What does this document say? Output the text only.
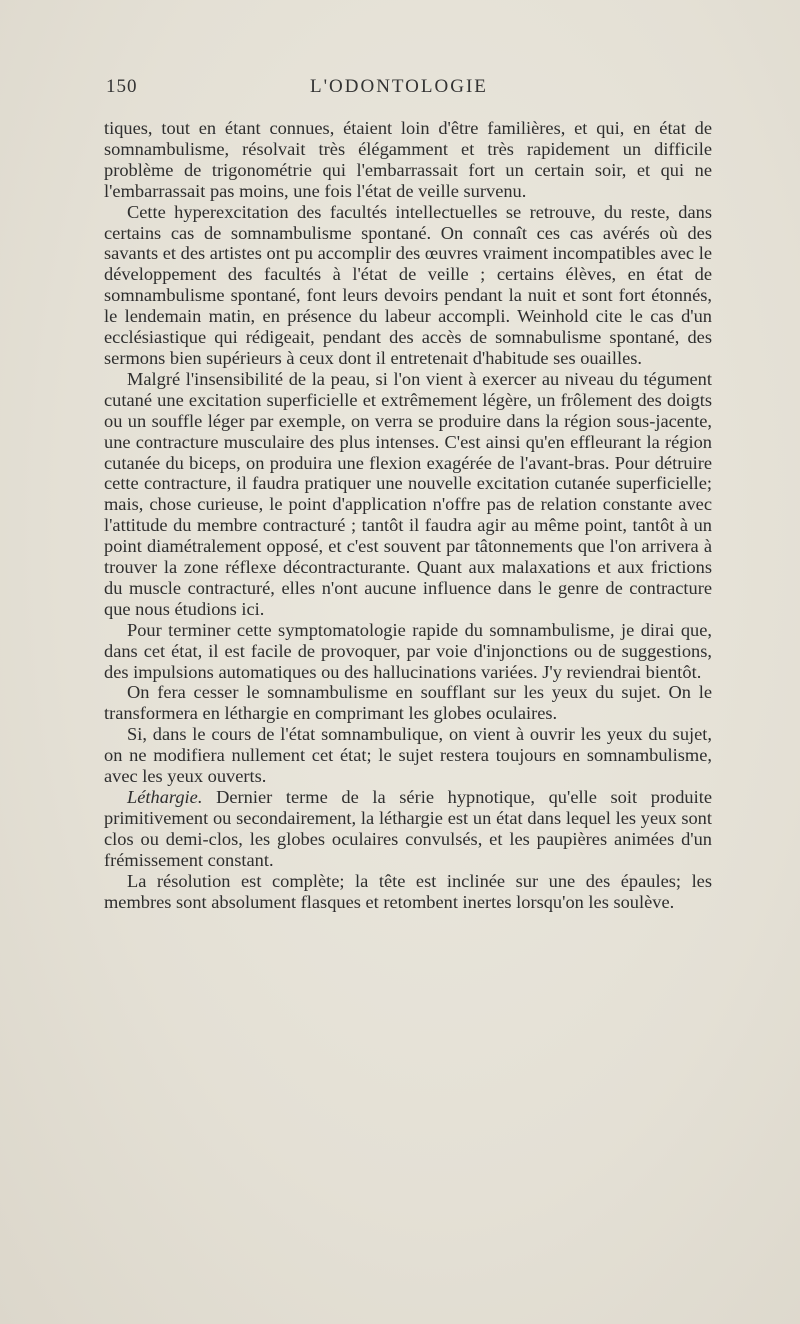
150	L'ODONTOLOGIE

tiques, tout en étant connues, étaient loin d'être familières, et qui, en état de somnambulisme, résolvait très élégamment et très rapidement un difficile problème de trigonométrie qui l'embarrassait fort un certain soir, et qui ne l'embarrassait pas moins, une fois l'état de veille survenu.

Cette hyperexcitation des facultés intellectuelles se retrouve, du reste, dans certains cas de somnambulisme spontané. On connaît ces cas avérés où des savants et des artistes ont pu accomplir des œuvres vraiment incompatibles avec le développement des facultés à l'état de veille ; certains élèves, en état de somnambulisme spontané, font leurs devoirs pendant la nuit et sont fort étonnés, le lendemain matin, en présence du labeur accompli. Weinhold cite le cas d'un ecclésiastique qui rédigeait, pendant des accès de somnabulisme spontané, des sermons bien supérieurs à ceux dont il entretenait d'habitude ses ouailles.

Malgré l'insensibilité de la peau, si l'on vient à exercer au niveau du tégument cutané une excitation superficielle et extrêmement légère, un frôlement des doigts ou un souffle léger par exemple, on verra se produire dans la région sous-jacente, une contracture musculaire des plus intenses. C'est ainsi qu'en effleurant la région cutanée du biceps, on produira une flexion exagérée de l'avant-bras. Pour détruire cette contracture, il faudra pratiquer une nouvelle excitation cutanée superficielle; mais, chose curieuse, le point d'application n'offre pas de relation constante avec l'attitude du membre contracturé ; tantôt il faudra agir au même point, tantôt à un point diamétralement opposé, et c'est souvent par tâtonnements que l'on arrivera à trouver la zone réflexe décontracturante. Quant aux malaxations et aux frictions du muscle contracturé, elles n'ont aucune influence dans le genre de contracture que nous étudions ici.

Pour terminer cette symptomatologie rapide du somnambulisme, je dirai que, dans cet état, il est facile de provoquer, par voie d'injonctions ou de suggestions, des impulsions automatiques ou des hallucinations variées. J'y reviendrai bientôt.

On fera cesser le somnambulisme en soufflant sur les yeux du sujet. On le transformera en léthargie en comprimant les globes oculaires.

Si, dans le cours de l'état somnambulique, on vient à ouvrir les yeux du sujet, on ne modifiera nullement cet état; le sujet restera toujours en somnambulisme, avec les yeux ouverts.

Léthargie. Dernier terme de la série hypnotique, qu'elle soit produite primitivement ou secondairement, la léthargie est un état dans lequel les yeux sont clos ou demi-clos, les globes oculaires convulsés, et les paupières animées d'un frémissement constant.

La résolution est complète; la tête est inclinée sur une des épaules; les membres sont absolument flasques et retombent inertes lorsqu'on les soulève.
